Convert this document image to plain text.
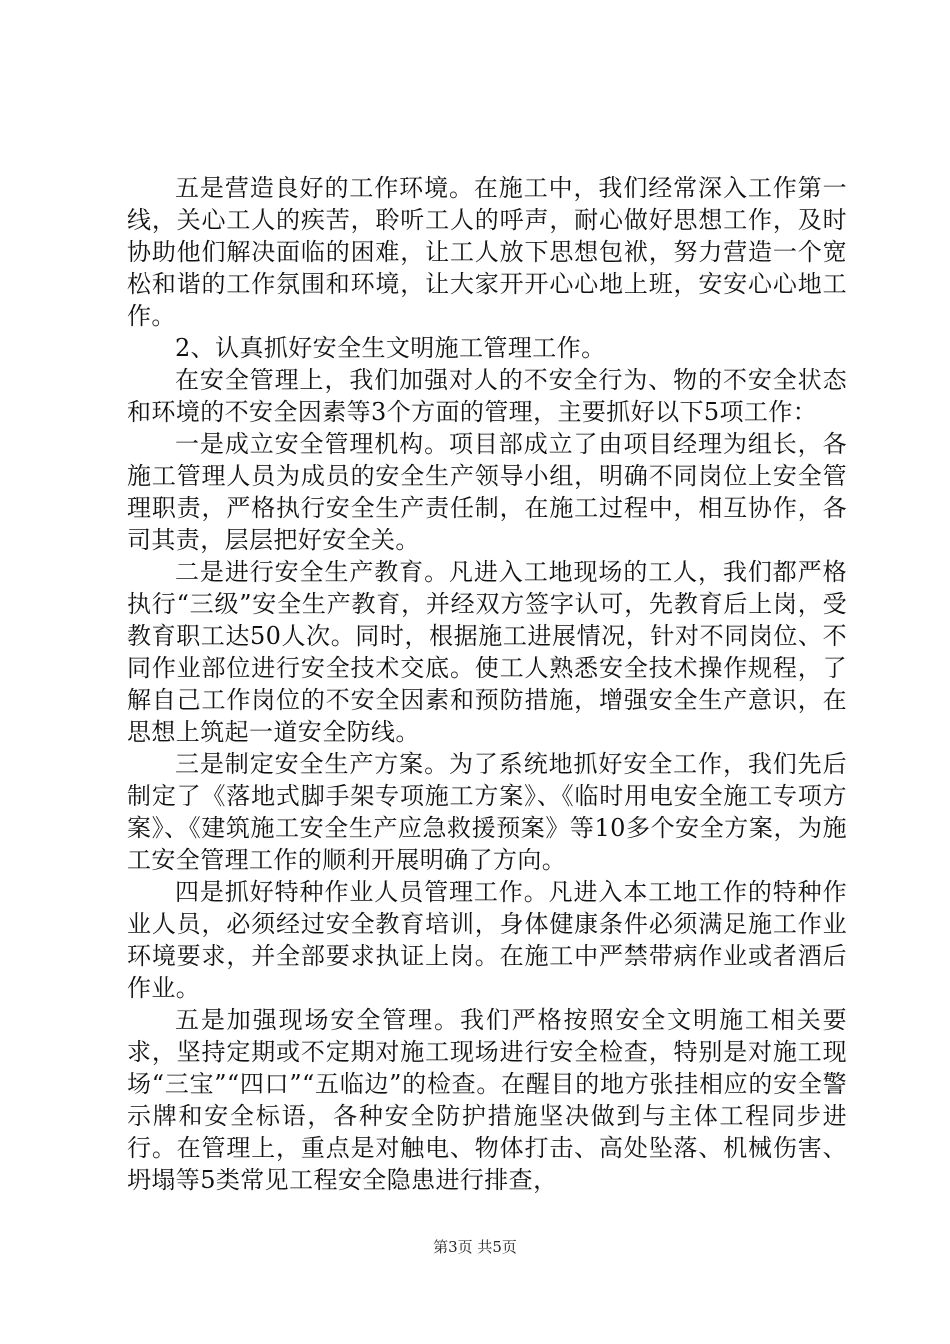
五是营造良好的工作环境。在施工中，我们经常深入工作第一线，关心工人的疾苦，聆听工人的呼声，耐心做好思想工作，及时协助他们解决面临的困难，让工人放下思想包袱，努力营造一个宽松和谐的工作氛围和环境，让大家开开心心地上班，安安心心地工作。

2、认真抓好安全生文明施工管理工作。

在安全管理上，我们加强对人的不安全行为、物的不安全状态和环境的不安全因素等3个方面的管理，主要抓好以下5项工作：

一是成立安全管理机构。项目部成立了由项目经理为组长，各施工管理人员为成员的安全生产领导小组，明确不同岗位上安全管理职责，严格执行安全生产责任制，在施工过程中，相互协作，各司其责，层层把好安全关。

二是进行安全生产教育。凡进入工地现场的工人，我们都严格执行“三级”安全生产教育，并经双方签字认可，先教育后上岗，受教育职工达50人次。同时，根据施工进展情况，针对不同岗位、不同作业部位进行安全技术交底。使工人熟悉安全技术操作规程，了解自己工作岗位的不安全因素和预防措施，增强安全生产意识，在思想上筑起一道安全防线。

三是制定安全生产方案。为了系统地抓好安全工作，我们先后制定了《落地式脚手架专项施工方案》、《临时用电安全施工专项方案》、《建筑施工安全生产应急救援预案》等10多个安全方案，为施工安全管理工作的顺利开展明确了方向。

四是抓好特种作业人员管理工作。凡进入本工地工作的特种作业人员，必须经过安全教育培训，身体健康条件必须满足施工作业环境要求，并全部要求执证上岗。在施工中严禁带病作业或者酒后作业。

五是加强现场安全管理。我们严格按照安全文明施工相关要求，坚持定期或不定期对施工现场进行安全检查，特别是对施工现场“三宝”“四口”“五临边”的检查。在醒目的地方张挂相应的安全警示牌和安全标语，各种安全防护措施坚决做到与主体工程同步进行。在管理上，重点是对触电、物体打击、高处坠落、机械伤害、坍塌等5类常见工程安全隐患进行排查，

第3页 共5页
